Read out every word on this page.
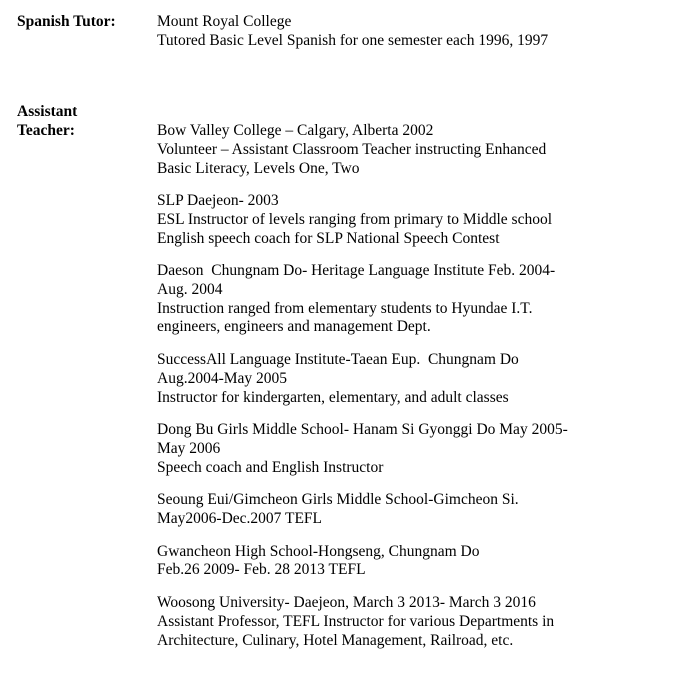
Spanish Tutor:	Mount Royal College
Tutored Basic Level Spanish for one semester each 1996, 1997
Assistant
Teacher:	Bow Valley College – Calgary, Alberta 2002
Volunteer – Assistant Classroom Teacher instructing Enhanced
Basic Literacy, Levels One, Two
SLP Daejeon- 2003
ESL Instructor of levels ranging from primary to Middle school
English speech coach for SLP National Speech Contest
Daeson  Chungnam Do- Heritage Language Institute Feb. 2004-
Aug. 2004
Instruction ranged from elementary students to Hyundae I.T.
engineers, engineers and management Dept.
SuccessAll Language Institute-Taean Eup.  Chungnam Do
Aug.2004-May 2005
Instructor for kindergarten, elementary, and adult classes
Dong Bu Girls Middle School- Hanam Si Gyonggi Do May 2005-
May 2006
Speech coach and English Instructor
Seoung Eui/Gimcheon Girls Middle School-Gimcheon Si.
May2006-Dec.2007 TEFL
Gwancheon High School-Hongseng, Chungnam Do
Feb.26 2009- Feb. 28 2013 TEFL
Woosong University- Daejeon, March 3 2013- March 3 2016
Assistant Professor, TEFL Instructor for various Departments in
Architecture, Culinary, Hotel Management, Railroad, etc.
